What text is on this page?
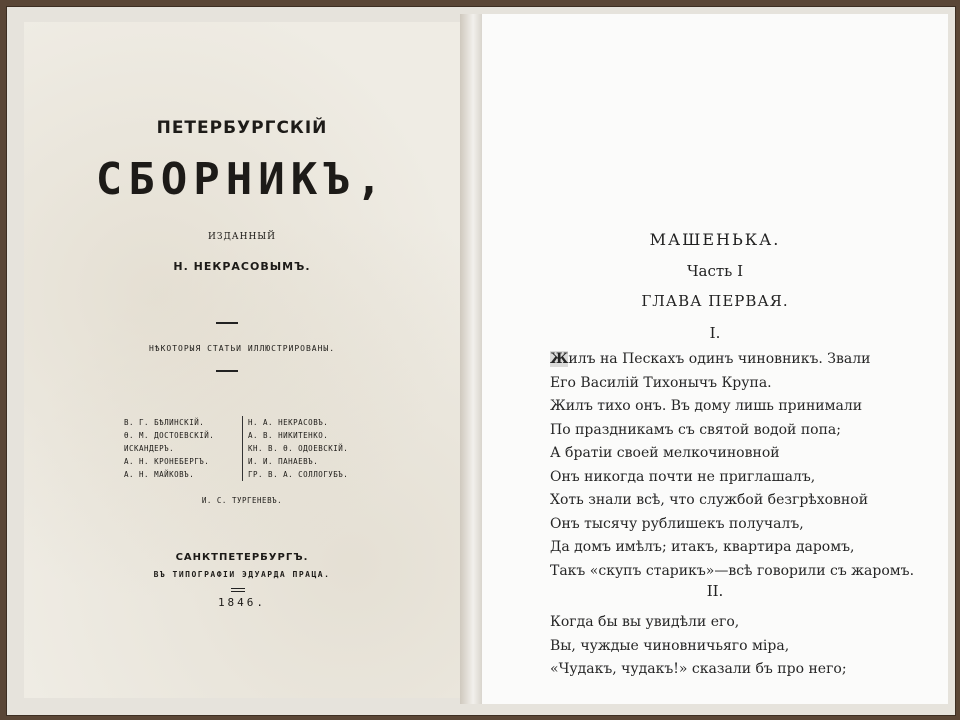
ПЕТЕРБУРГСКІЙ
СБОРНИКЪ,
ИЗДАННЫЙ
Н. НЕКРАСОВЫМЪ.
НѢКОТОРЫЯ СТАТЬИ ИЛЛЮСТРИРОВАНЫ.
В. Г. БѢЛИНСКІЙ.
Ѳ. М. ДОСТОЕВСКІЙ.
ИСКАНДЕРЪ.
А. Н. КРОНЕБЕРГЪ.
А. Н. МАЙКОВЪ.
Н. А. НЕКРАСОВЪ.
А. В. НИКИТЕНКО.
КН. В. Ѳ. ОДОЕВСКІЙ.
И. И. ПАНАЕВЪ.
ГР. В. А. СОЛЛОГУБЪ.
И. С. ТУРГЕНЕВЪ.
САНКТПЕТЕРБУРГЪ.
ВЪ ТИПОГРАФІИ ЭДУАРДА ПРАЦА.
1846.
МАШЕНЬКА.
Часть I
ГЛАВА ПЕРВАЯ.
I.
Жилъ на Пескахъ одинъ чиновникъ. Звали
Его Василій Тихонычъ Крупа.
Жилъ тихо онъ. Въ дому лишь принимали
По праздникамъ съ святой водой попа;
А братіи своей мелкочиновной
Онъ никогда почти не приглашалъ,
Хоть знали всѣ, что службой безгрѣховной
Онъ тысячу рублишекъ получалъ,
Да домъ имѣлъ; итакъ, квартира даромъ,
Такъ «скупъ старикъ»—всѣ говорили съ жаромъ.
II.
Когда бы вы увидѣли его,
Вы, чуждые чиновничьяго міра,
«Чудакъ, чудакъ!» сказали бъ про него;
